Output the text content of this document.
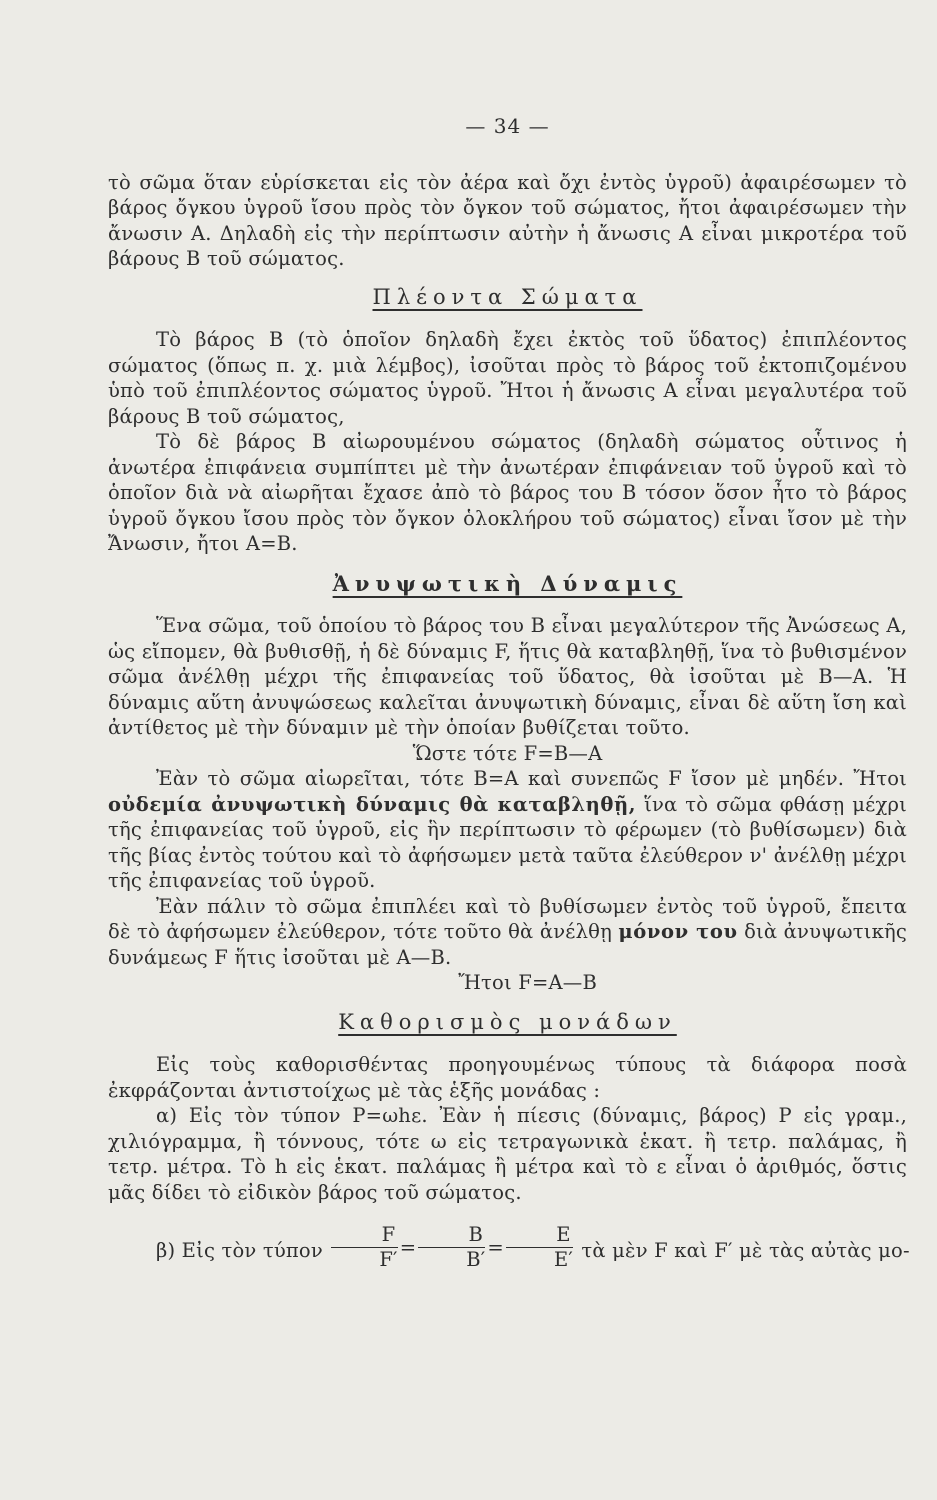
— 34 —

τὸ σῶμα ὅταν εὑρίσκεται εἰς τὸν ἀέρα καὶ ὄχι ἐντὸς ὑγροῦ) ἀφαιρέσωμεν τὸ βάρος ὄγκου ὑγροῦ ἴσου πρὸς τὸν ὄγκον τοῦ σώματος, ἤτοι ἀφαιρέσωμεν τὴν ἄνωσιν Α. Δηλαδὴ εἰς τὴν περίπτωσιν αὐτὴν ἡ ἄνωσις Α εἶναι μικροτέρα τοῦ βάρους Β τοῦ σώματος.

Πλέοντα Σώματα

Τὸ βάρος Β (τὸ ὁποῖον δηλαδὴ ἔχει ἐκτὸς τοῦ ὕδατος) ἐπιπλέοντος σώματος (ὅπως π. χ. μιὰ λέμβος), ἰσοῦται πρὸς τὸ βάρος τοῦ ἐκτοπιζομένου ὑπὸ τοῦ ἐπιπλέοντος σώματος ὑγροῦ. Ἤτοι ἡ ἄνωσις Α εἶναι μεγαλυτέρα τοῦ βάρους Β τοῦ σώματος,

Τὸ δὲ βάρος Β αἰωρουμένου σώματος (δηλαδὴ σώματος οὗτινος ἡ ἀνωτέρα ἐπιφάνεια συμπίπτει μὲ τὴν ἀνωτέραν ἐπιφάνειαν τοῦ ὑγροῦ καὶ τὸ ὁποῖον διὰ νὰ αἰωρῆται ἔχασε ἀπὸ τὸ βάρος του Β τόσον ὅσον ἦτο τὸ βάρος ὑγροῦ ὄγκου ἴσου πρὸς τὸν ὄγκον ὁλοκλήρου τοῦ σώματος) εἶναι ἴσον μὲ τὴν Ἄνωσιν, ἤτοι Α=Β.

Ἀνυψωτικὴ Δύναμις

Ἕνα σῶμα, τοῦ ὁποίου τὸ βάρος του Β εἶναι μεγαλύτερον τῆς Ἀνώσεως Α, ὡς εἴπομεν, θὰ βυθισθῇ, ἡ δὲ δύναμις F, ἥτις θὰ καταβληθῇ, ἵνα τὸ βυθισμένον σῶμα ἀνέλθῃ μέχρι τῆς ἐπιφανείας τοῦ ὕδατος, θὰ ἰσοῦται μὲ Β—Α. Ἡ δύναμις αὕτη ἀνυψώσεως καλεῖται ἀνυψωτικὴ δύναμις, εἶναι δὲ αὕτη ἴση καὶ ἀντίθετος μὲ τὴν δύναμιν μὲ τὴν ὁποίαν βυθίζεται τοῦτο.

Ὥστε τότε F=Β—Α

Ἐὰν τὸ σῶμα αἰωρεῖται, τότε Β=Α καὶ συνεπῶς F ἴσον μὲ μηδέν. Ἤτοι οὐδεμία ἀνυψωτικὴ δύναμις θὰ καταβληθῇ, ἵνα τὸ σῶμα φθάσῃ μέχρι τῆς ἐπιφανείας τοῦ ὑγροῦ, εἰς ἣν περίπτωσιν τὸ φέρωμεν (τὸ βυθίσωμεν) διὰ τῆς βίας ἐντὸς τούτου καὶ τὸ ἀφήσωμεν μετὰ ταῦτα ἐλεύθερον ν' ἀνέλθῃ μέχρι τῆς ἐπιφανείας τοῦ ὑγροῦ.

Ἐὰν πάλιν τὸ σῶμα ἐπιπλέει καὶ τὸ βυθίσωμεν ἐντὸς τοῦ ὑγροῦ, ἔπειτα δὲ τὸ ἀφήσωμεν ἐλεύθερον, τότε τοῦτο θὰ ἀνέλθῃ μόνον του διὰ ἀνυψωτικῆς δυνάμεως F ἥτις ἰσοῦται μὲ Α—Β.

Ἤτοι F=Α—Β

Καθορισμὸς μονάδων

Εἰς τοὺς καθορισθέντας προηγουμένως τύπους τὰ διάφορα ποσὰ ἐκφράζονται ἀντιστοίχως μὲ τὰς ἑξῆς μονάδας :

α) Εἰς τὸν τύπον P=ωhε. Ἐὰν ἡ πίεσις (δύναμις, βάρος) P εἰς γραμ., χιλιόγραμμα, ἢ τόννους, τότε ω εἰς τετραγωνικὰ ἑκατ. ἢ τετρ. παλάμας, ἢ τετρ. μέτρα. Τὸ h εἰς ἑκατ. παλάμας ἢ μέτρα καὶ τὸ ε εἶναι ὁ ἀριθμός, ὅστις μᾶς δίδει τὸ εἰδικὸν βάρος τοῦ σώματος.

β) Εἰς τὸν τύπον $\frac{F}{F'} = \frac{B}{B'} = \frac{E}{E'}$ τὰ μὲν F καὶ F′ μὲ τὰς αὐτὰς μο-
